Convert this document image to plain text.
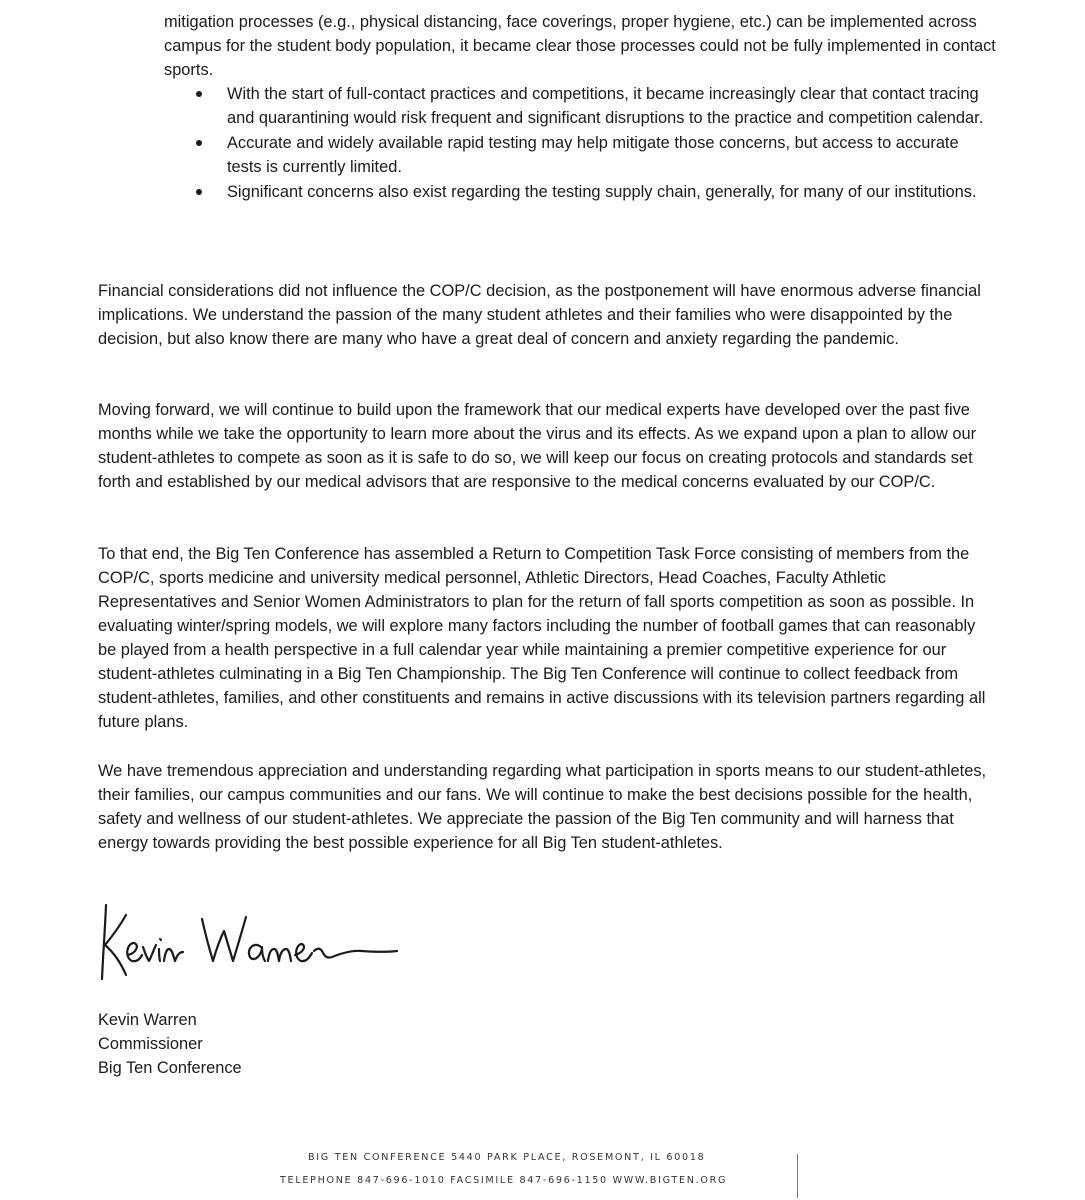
mitigation processes (e.g., physical distancing, face coverings, proper hygiene, etc.) can be implemented across campus for the student body population, it became clear those processes could not be fully implemented in contact sports.
With the start of full-contact practices and competitions, it became increasingly clear that contact tracing and quarantining would risk frequent and significant disruptions to the practice and competition calendar.
Accurate and widely available rapid testing may help mitigate those concerns, but access to accurate tests is currently limited.
Significant concerns also exist regarding the testing supply chain, generally, for many of our institutions.

Financial considerations did not influence the COP/C decision, as the postponement will have enormous adverse financial implications. We understand the passion of the many student athletes and their families who were disappointed by the decision, but also know there are many who have a great deal of concern and anxiety regarding the pandemic.

Moving forward, we will continue to build upon the framework that our medical experts have developed over the past five months while we take the opportunity to learn more about the virus and its effects. As we expand upon a plan to allow our student-athletes to compete as soon as it is safe to do so, we will keep our focus on creating protocols and standards set forth and established by our medical advisors that are responsive to the medical concerns evaluated by our COP/C.

To that end, the Big Ten Conference has assembled a Return to Competition Task Force consisting of members from the COP/C, sports medicine and university medical personnel, Athletic Directors, Head Coaches, Faculty Athletic Representatives and Senior Women Administrators to plan for the return of fall sports competition as soon as possible. In evaluating winter/spring models, we will explore many factors including the number of football games that can reasonably be played from a health perspective in a full calendar year while maintaining a premier competitive experience for our student-athletes culminating in a Big Ten Championship. The Big Ten Conference will continue to collect feedback from student-athletes, families, and other constituents and remains in active discussions with its television partners regarding all future plans.

We have tremendous appreciation and understanding regarding what participation in sports means to our student-athletes, their families, our campus communities and our fans. We will continue to make the best decisions possible for the health, safety and wellness of our student-athletes. We appreciate the passion of the Big Ten community and will harness that energy towards providing the best possible experience for all Big Ten student-athletes.

Kevin Warren
Commissioner
Big Ten Conference
BIG TEN CONFERENCE 5440 PARK PLACE, ROSEMONT, IL 60018
TELEPHONE 847-696-1010 FACSIMILE 847-696-1150 WWW.BIGTEN.ORG
